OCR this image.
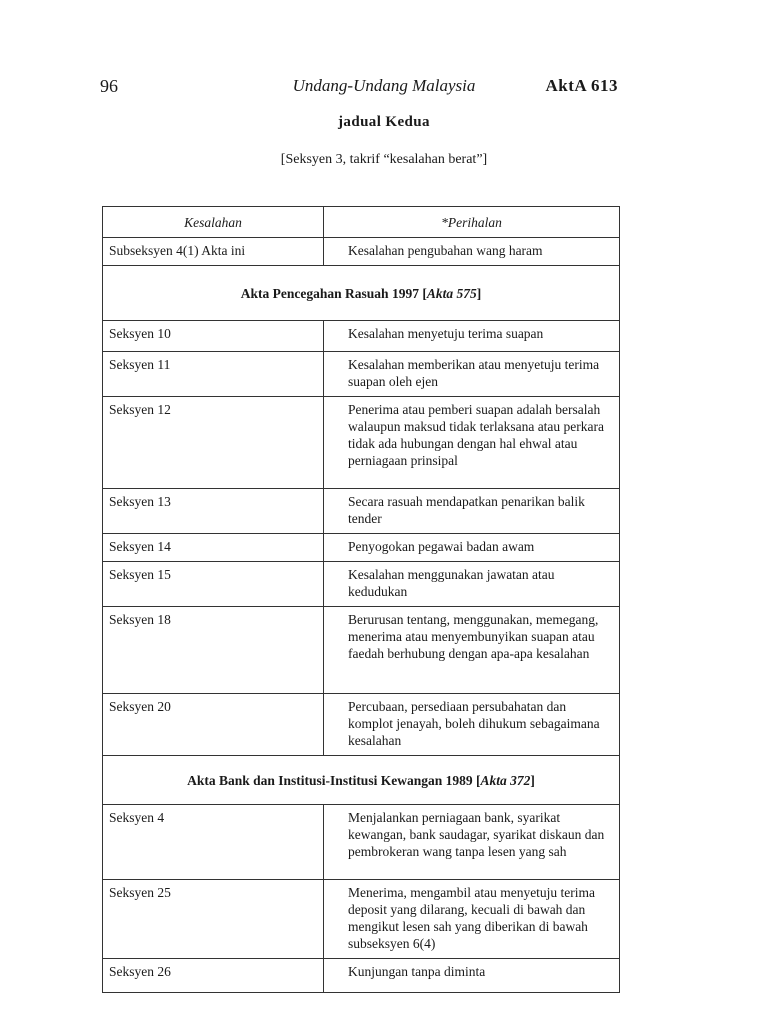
96	Undang-Undang Malaysia	AktA 613
jadual Kedua
[Seksyen 3, takrif “kesalahan berat”]
Kesalahan	*Perihalan
Subseksyen 4(1) Akta ini	Kesalahan pengubahan wang haram
Akta Pencegahan Rasuah 1997 [Akta 575]	
Seksyen 10	Kesalahan menyetuju terima suapan
Seksyen 11	Kesalahan memberikan atau menyetuju terima suapan oleh ejen
Seksyen 12	Penerima atau pemberi suapan adalah bersalah walaupun maksud tidak terlaksana atau perkara tidak ada hubungan dengan hal ehwal atau perniagaan prinsipal
Seksyen 13	Secara rasuah mendapatkan penarikan balik tender
Seksyen 14	Penyogokan pegawai badan awam
Seksyen 15	Kesalahan menggunakan jawatan atau kedudukan
Seksyen 18	Berurusan tentang, menggunakan, memegang, menerima atau menyembunyikan suapan atau faedah berhubung dengan apa-apa kesalahan
Seksyen 20	Percubaan, persediaan persubahatan dan komplot jenayah, boleh dihukum sebagaimana kesalahan
Akta Bank dan Institusi-Institusi Kewangan 1989 [Akta 372]	
Seksyen 4	Menjalankan perniagaan bank, syarikat kewangan, bank saudagar, syarikat diskaun dan pembrokeran wang tanpa lesen yang sah
Seksyen 25	Menerima, mengambil atau menyetuju terima deposit yang dilarang, kecuali di bawah dan mengikut lesen sah yang diberikan di bawah subseksyen 6(4)
Seksyen 26	Kunjungan tanpa diminta
